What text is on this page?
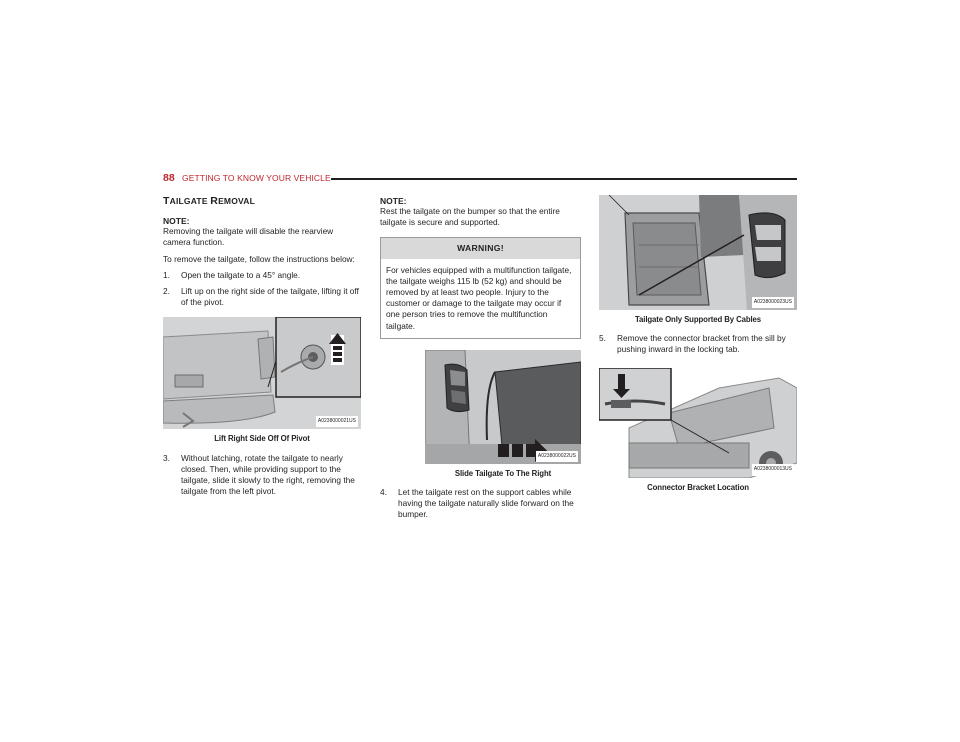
88 GETTING TO KNOW YOUR VEHICLE
TAILGATE REMOVAL
NOTE:

Removing the tailgate will disable the rearview camera function.

To remove the tailgate, follow the instructions below:

1.	Open the tailgate to a 45° angle.
2.	Lift up on the right side of the tailgate, lifting it off of the pivot.
A0238000021US
Lift Right Side Off Of Pivot
3.	Without latching, rotate the tailgate to nearly closed. Then, while providing support to the tailgate, slide it slowly to the right, removing the tailgate from the left pivot.
NOTE:

Rest the tailgate on the bumper so that the entire tailgate is secure and supported.

WARNING!
For vehicles equipped with a multifunction tailgate, the tailgate weighs 115 lb (52 kg) and should be removed by at least two people. Injury to the customer or damage to the tailgate may occur if one person tries to remove the multifunction tailgate.
A0238000022US
Slide Tailgate To The Right
4.	Let the tailgate rest on the support cables while having the tailgate naturally slide forward on the bumper.
A0238000023US
Tailgate Only Supported By Cables
5.	Remove the connector bracket from the sill by pushing inward in the locking tab.
A0238000013US
Connector Bracket Location
